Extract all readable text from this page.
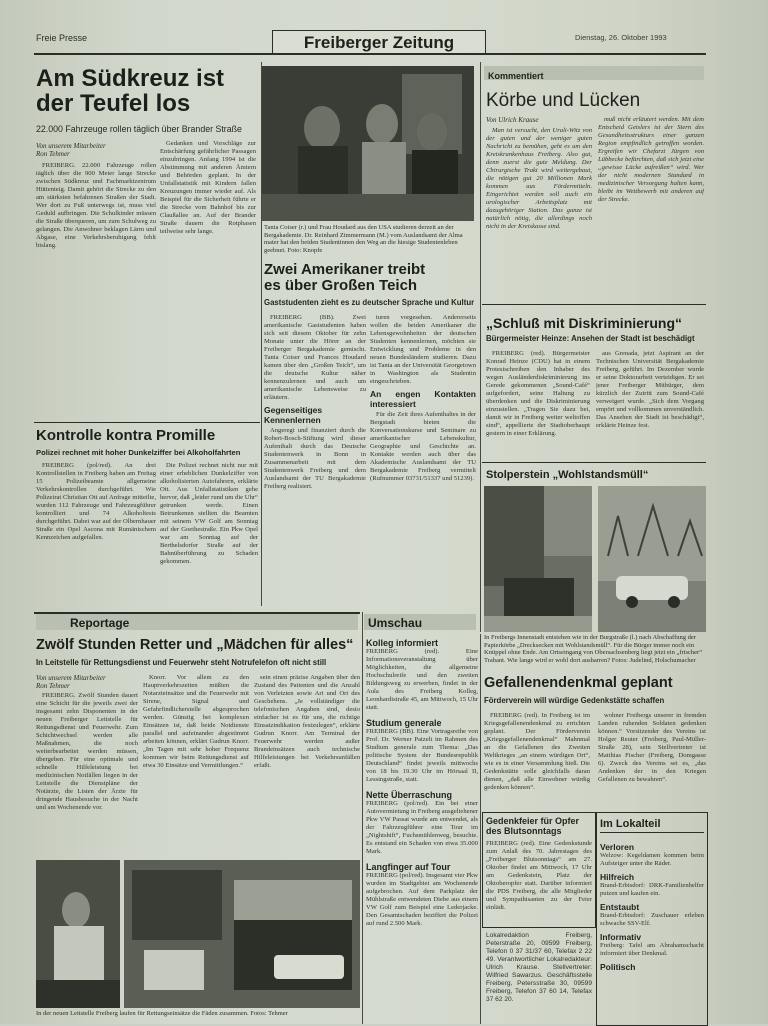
Freie Presse	Freiberger Zeitung	Dienstag, 26. Oktober 1993
Am Südkreuz ist
der Teufel los
22.000 Fahrzeuge rollen täglich über Brander Straße
Von unserem Mitarbeiter
Ron Tehmer

FREIBERG. 22.000 Fahrzeuge rollen täglich über die 900 Meter lange Strecke zwischen Südkreuz und Fachmarktzentrum Hüttenteig. Damit gehört die Strecke zu den am stärksten befahrenen Straßen der Stadt. Wer dort zu Fuß unterwegs ist, muss viel Geduld aufbringen. Die Schulkinder müssen die Straße überqueren, um zum Schulweg zu gelangen. Die Anwohner beklagen Lärm und Abgase, eine Verkehrsberuhigung fehlt bislang.

Gedanken und Vorschläge zur Entschärfung gefährlicher Passagen einzubringen. Anfang 1994 ist die Abstimmung mit anderen Ämtern und Behörden geplant. In der Unfallstatistik mit Kindern fallen Kreuzungen immer wieder auf. Als Beispiel für die Sicherheit führte er die Strecke vom Bahnhof bis zur Claußallee an. Auf der Brander Straße dauern die Rotphasen teilweise sehr lange.

Tania Coiser (r.) und Frau Houdard aus den USA studieren derzeit an der Bergakademie. Dr. Reinhard Zimmermann (M.) vom Auslandsamt der Alma mater hat den beiden Studentinnen den Weg an die hiesige Studentenleben geebnet. Foto: Knopfe
Zwei Amerikaner treibt
es über Großen Teich
Gaststudenten zieht es zu deutscher Sprache und Kultur

FREIBERG (BB). Zwei amerikanische Gaststudenten haben sich seit diesem Oktober für zehn Monate unter die Hörer an der Freiberger Bergakademie gemischt. Tania Coiser und Frances Houdard kamen über den „Großen Teich“, um die deutsche Kultur näher kennenzulernen und auch um amerikanische Lebensweise zu erläutern.

Gegenseitiges Kennenlernen

Angeregt und finanziert durch die Robert-Bosch-Stiftung wird dieser Aufenthalt durch das Deutsche Studentenwerk in Bonn in Zusammenarbeit mit dem Studentenwerk Freiberg und dem Auslandsamt der TU Bergakademie Freiberg realisiert.

turen vorgesehen. Andererseits wollen die beiden Amerikaner die Lebensgewohnheiten der deutschen Studenten kennenlernen, möchten sie Entwicklung und Probleme in den neuen Bundesländern studieren. Dazu ist Tania an der Universität Georgetown in Washington als Studentin eingeschrieben.

An engen Kontakten interessiert

Für die Zeit ihres Aufenthaltes in der Bergstadt bieten die Konversationskurse und Seminare zu amerikanischer Lebenskultur, Geographie und Geschichte an. Kontakte werden auch über das Akademische Auslandsamt der TU Bergakademie Freiberg vermittelt (Rufnummer 03731/51337 und 51239).

Kontrolle kontra Promille
Polizei rechnet mit hoher Dunkelziffer bei Alkoholfahrten

FREIBERG (pol/red). An drei Kontrollstellen in Freiberg haben am Freitag 15 Polizeibeamte allgemeine Verkehrskontrollen durchgeführt. Wie Polizeirat Christian Ott auf Anfrage mitteilte, wurden 112 Fahrzeuge und Fahrzeugführer kontrolliert und 74 Alkoholtests durchgeführt. Dabei war auf der Olbernhauer Straße ein Opel Ascona mit Rumänischem Kennzeichen aufgefallen.

Die Polizei rechnet nicht nur mit einer erheblichen Dunkelziffer von alkoholisierten Autofahrern, erklärte Ott. Aus Unfallstatistiken gehe hervor, daß „leider rund um die Uhr“ getrunken werde. Einen Betrunkenen stellten die Beamten mit seinem VW Golf am Sonntag auf der Goethestraße. Ein Pkw Opel war am Sonntag auf der Berthelsdorfer Straße auf der Bahnüberführung zu Schaden gekommen.

Kommentiert
Körbe und Lücken
Von Ulrich Krause

Man ist versucht, den Urali-Witz von der guten und der weniger guten Nachricht zu bemühen, geht es um den Kreiskrankenhaus Freiberg. Also gut, denn zuerst die gute Meldung. Der Chirurgische Trakt wird weitergebaut, die nötigen gut 20 Millionen Mark kommen aus Fördermitteln. Eingerichtet werden soll auch ein urologischer Arbeitsplatz mit dazugehöriger Station. Das ganze ist natürlich nötig, die allerdings noch nicht in der Kreiskasse sind.

muß nicht erläutert werden. Mit dem Entscheid Geislers ist der Stern des Gesundheitsstrukturs einer ganzen Region empfindlich getroffen worden. Ergreifen wir Chefarzt Jürgen von Lübbecke befürchten, daß sich jetzt eine „gewisse Lücke aufreißen“ wird. Wer der nicht modernen Standard in medizinischer Versorgung halten kann, bleibt im Wettbewerb mit anderen auf der Strecke.

„Schluß mit Diskriminierung“
Bürgermeister Heinze: Ansehen der Stadt ist beschädigt

FREIBERG (red). Bürgermeister Konrad Heinze (CDU) hat in einem Protestschreiben den Inhaber des wegen Ausländerdiskriminierung ins Gerede gekommenen „Sound-Café“ aufgefordert, seine Haltung zu überdenken und die Diskriminierung einzustellen. „Tragen Sie dazu bei, damit wir in Freiberg weiter weltoffen sind“, appellierte der Stadtoberhaupt gestern in einer Erklärung.

aus Grenada, jetzt Aspirant an der Technischen Universität Bergakademie Freiberg, geführt. Im Dezember wurde er seine Doktorarbeit verteidigen. Er sei jener Freiberger Mitbürger, dem kürzlich der Zutritt zum Sound-Café verweigert wurde. „Sich dem Vorgang empört und vollkommen unverständlich. Das Ansehen der Stadt ist beschädigt“, erklärte Heinze fest.

Stolperstein „Wohlstandsmüll“
In Freibergs Innenstadt entstehen wie in der Burgstraße (l.) nach Abschaffung der Papierkörbe „Drecksecken mit Wohlstandsmüll“. Für die Bürger immer noch ein Knüppel ohne Ende. Am Ortseingang von Obersachsenberg liegt jetzt ein „frischer“ Trabant. Wie lange wird er wohl dort ausharren? Fotos: Judelind, Holschumacher
Reportage
Zwölf Stunden Retter und „Mädchen für alles“
In Leitstelle für Rettungsdienst und Feuerwehr steht Notrufelefon oft nicht still
Von unserem Mitarbeiter
Ron Tehmer

FREIBERG. Zwölf Stunden dauert eine Schicht für die jeweils zwei der insgesamt zehn Disponenten in der neuen Freiberger Leitstelle für Rettungsdienst und Feuerwehr. Zum Schichtwechsel werden alle Maßnahmen, die noch weiterbearbeitet werden müssen, übergeben. Für eine optimale und schnelle Hilfeleistung bei medizinischen Notfällen liegen in der Leitstelle die Dienstpläne der Notärzte, die Listen der Ärzte für dringende Hausbesuche in der Nacht und am Wochenende vor.

Knorr. Vor allem zu den Hauptverkehrszeiten müßten die Notarzteinsätze und die Feuerwehr mit Sirene, Signal und Gefahrfindlicherstelle abgesprochen werden. Günstig bei komplexen Einsätzen ist, daß beide Notdienste parallel und aufeinander abgestimmt arbeiten können, erklärt Gudrun Knorr. „Im Tagen mit sehr hoher Frequenz kommen wir beim Rettungsdienst auf etwa 30 Einsätze und Vermittlungen.“

sein einen präzise Angaben über den Zustand des Patienten und die Anzahl von Verletzten sowie Art und Ort des Geschehens. „Je vollständiger die telefonischen Angaben sind, desto einfacher ist es für uns, die richtige Einsatzindikation festzulegen“, erklärte Gudrun Knorr. Am Terminal der Feuerwehr werden außer Brandeinsätzen auch technische Hilfeleistungen bei Verkehrsunfällen erfaßt.

In der neuen Leitstelle Freiberg laufen für Rettungseinsätze die Fäden zusammen. Fotos: Tehmer
Umschau
Kolleg informiert
FREIBERG (red). Eine Informationsveranstaltung über Möglichkeiten, die allgemeine Hochschulreife und den zweiten Bildungsweg zu erwerben, findet in der Aula des Freiberg Kolleg, Leonhardistraße 45, am Mittwoch, 15 Uhr statt.
Studium generale
FREIBERG (BB). Eine Vortragsreihe von Prof. Dr. Werner Patzelt im Rahmen des Studium generale zum Thema: „Das politische System der Bundesrepublik Deutschland“ findet jeweils mittwochs von 18 bis 19.30 Uhr im Hörsaal II, Lessingstraße, statt.
Nette Überraschung
FREIBERG (pol/red). Ein bei einer Autovermietung in Freiberg ausgeliehener Pkw VW Passat wurde am entwendet, als der Fahrzeugführer eine Tour im „Nightshift“, Fuchsmühlenweg, besuchte. Es entstand ein Schaden von etwa 35.000 Mark.
Langfinger auf Tour
FREIBERG (pol/red). Insgesamt vier Pkw wurden im Stadtgebiet am Wochenende aufgebrochen. Auf dem Parkplatz der Mühlstraße entwendeten Diebe aus einem VW Golf zum Beispiel eine Lederjacke. Den Gesamtschaden beziffert die Polizei auf rund 2.500 Mark.
Gefallenendenkmal geplant
Förderverein will würdige Gedenkstätte schaffen

FREIBERG (red). In Freiberg ist im Kriegsgefallenendenkmal zu errichten geplant. Der Förderverein „Kriegsgefallenendenkmal“ Mahnmal an die Gefallenen des Zweiten Weltkrieges „an einem würdigen Ort“, wie es in einer Versammlung hieß. Die Gedenkstätte solle gleichfalls daran dienen, „daß alle Einwohner würdig gedenken können“.

wohner Freibergs unserer in fremden Landen ruhenden Soldaten gedenken können.“ Vorsitzender des Vereins ist Holger Reuter (Freiberg, Paul-Müller-Straße 28), sein Stellvertreter ist Matthias Fischer (Freiberg, Domgasse 6). Zweck des Vereins sei es, „das Andenken der in den Kriegen Gefallenen zu bewahren“.

Gedenkfeier für Opfer des Blutsonntags
FREIBERG (red). Eine Gedenkstunde zum Anlaß des 70. Jahrestages des „Freiberger Blutsonntags“ am 27. Oktober findet am Mittwoch, 17 Uhr am Gedenkstein, Platz der Oktoberopfer statt. Darüber informiert die PDS Freiberg, die alle Mitglieder und Sympathisanten zu der Feier einlädt.
Lokalredaktion Freiberg, Peterstraße 20, 09599 Freiberg, Telefon 0 37 31/37 60, Telefax 2 22 49. Verantwortlicher Lokalredakteur: Ulrich Krause. Stellvertreter: Wilfried Sawarzus. Geschäftsstelle Freiberg, Petersstraße 30, 09599 Freiberg, Telefon 37 60 14, Telefax 37 62 20.
Im Lokalteil
Verloren
Welzow: Kegeldamen kommen beim Aufsteiger unter die Räder.
Hilfreich
Brand-Erbisdorf: DRK-Familienhelfer putzen und kaufen ein.
Entstaubt
Brand-Erbisdorf: Zuschauer erleben schwache SSV-Elf.
Informativ
Freiberg: Tafel am Abrahamschacht informiert über Denkmal.
Politisch
